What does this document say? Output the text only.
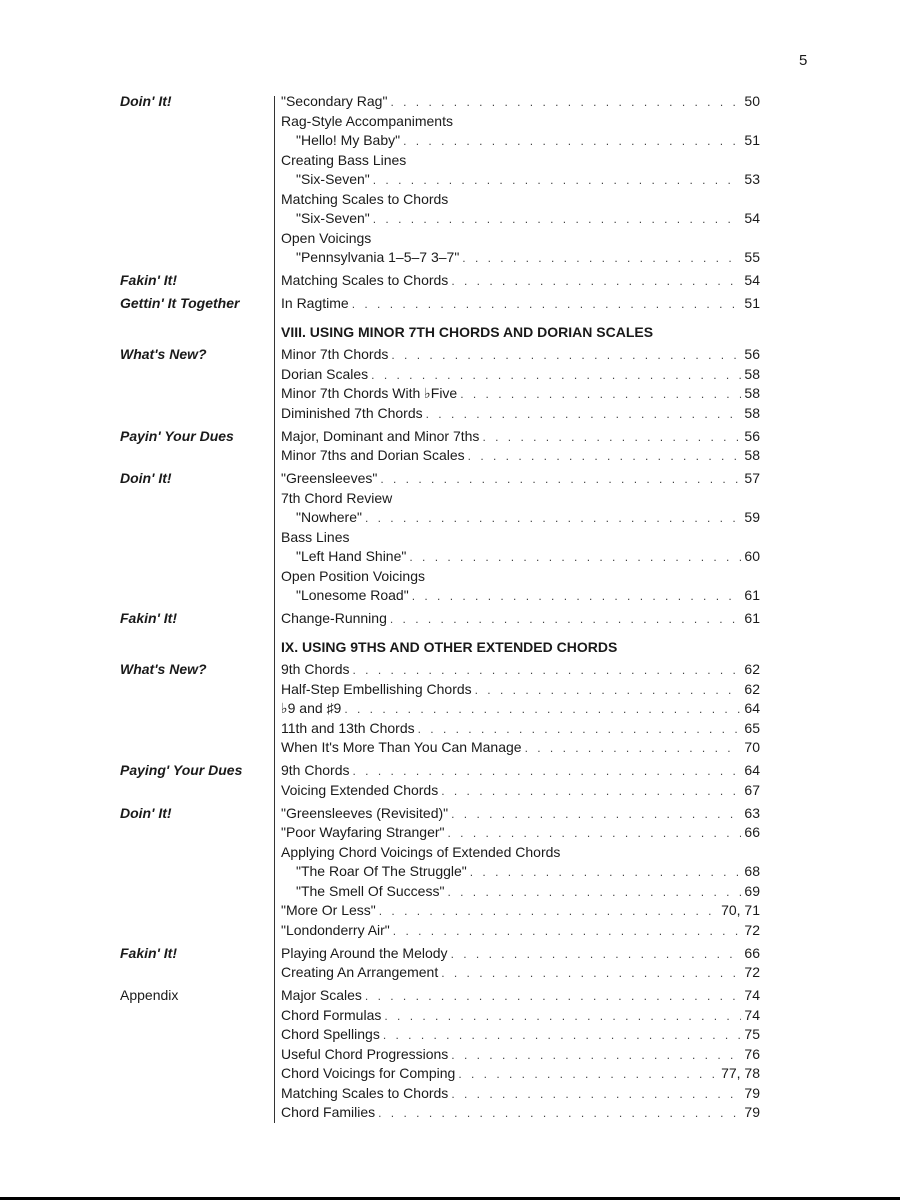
5
Doin' It!	"Secondary Rag" . . .	50
Rag-Style Accompaniments
"Hello! My Baby" . . .	51
Creating Bass Lines
"Six-Seven" . . .	53
Matching Scales to Chords
"Six-Seven" . . .	54
Open Voicings
"Pennsylvania 1–5–7 3–7" . . .	55
Fakin' It!	Matching Scales to Chords . . .	54
Gettin' It Together	In Ragtime . . .	51
VIII. USING MINOR 7TH CHORDS AND DORIAN SCALES
What's New?	Minor 7th Chords . . .	56
Dorian Scales . . .	58
Minor 7th Chords With ♭Five . . .	58
Diminished 7th Chords . . .	58
Payin' Your Dues	Major, Dominant and Minor 7ths . . .	56
Minor 7ths and Dorian Scales . . .	58
Doin' It!	"Greensleeves" . . .	57
7th Chord Review
"Nowhere" . . .	59
Bass Lines
"Left Hand Shine" . . .	60
Open Position Voicings
"Lonesome Road" . . .	61
Fakin' It!	Change-Running . . .	61
IX. USING 9THS AND OTHER EXTENDED CHORDS
What's New?	9th Chords . . .	62
Half-Step Embellishing Chords . . .	62
♭9 and ♯9 . . .	64
11th and 13th Chords . . .	65
When It's More Than You Can Manage . . .	70
Paying' Your Dues	9th Chords . . .	64
Voicing Extended Chords . . .	67
Doin' It!	"Greensleeves (Revisited)" . . .	63
"Poor Wayfaring Stranger" . . .	66
Applying Chord Voicings of Extended Chords
"The Roar Of The Struggle" . . .	68
"The Smell Of Success" . . .	69
"More Or Less" . . .	70, 71
"Londonderry Air" . . .	72
Fakin' It!	Playing Around the Melody . . .	66
Creating An Arrangement . . .	72
Appendix	Major Scales . . .	74
Chord Formulas . . .	74
Chord Spellings . . .	75
Useful Chord Progressions . . .	76
Chord Voicings for Comping . . .	77, 78
Matching Scales to Chords . . .	79
Chord Families . . .	79
